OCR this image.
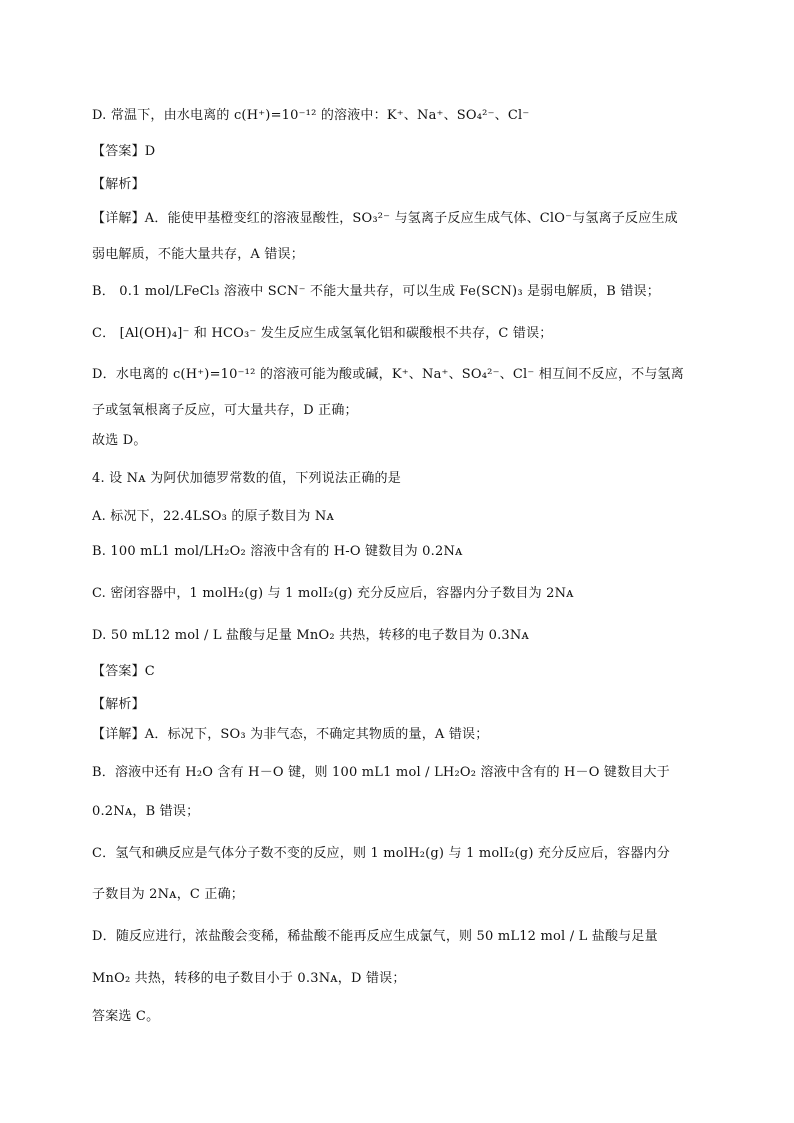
D. 常温下，由水电离的 c(H⁺)=10⁻¹² 的溶液中：K⁺、Na⁺、SO₄²⁻、Cl⁻
【答案】D
【解析】
【详解】A．能使甲基橙变红的溶液显酸性，SO₃²⁻ 与氢离子反应生成气体、ClO⁻与氢离子反应生成
弱电解质，不能大量共存，A 错误；
B． 0.1 mol/LFeCl₃ 溶液中 SCN⁻ 不能大量共存，可以生成 Fe(SCN)₃ 是弱电解质，B 错误；
C． [Al(OH)₄]⁻ 和 HCO₃⁻ 发生反应生成氢氧化铝和碳酸根不共存，C 错误；
D．水电离的 c(H⁺)=10⁻¹² 的溶液可能为酸或碱，K⁺、Na⁺、SO₄²⁻、Cl⁻ 相互间不反应，不与氢离
子或氢氧根离子反应，可大量共存，D 正确；
故选 D。
4. 设 Nᴀ 为阿伏加德罗常数的值，下列说法正确的是
A. 标况下，22.4LSO₃ 的原子数目为 Nᴀ
B. 100 mL1 mol/LH₂O₂ 溶液中含有的 H-O 键数目为 0.2Nᴀ
C. 密闭容器中，1 molH₂(g) 与 1 molI₂(g) 充分反应后，容器内分子数目为 2Nᴀ
D. 50 mL12 mol / L 盐酸与足量 MnO₂ 共热，转移的电子数目为 0.3Nᴀ
【答案】C
【解析】
【详解】A．标况下，SO₃ 为非气态，不确定其物质的量，A 错误；
B．溶液中还有 H₂O 含有 H－O 键，则 100 mL1 mol / LH₂O₂ 溶液中含有的 H－O 键数目大于
0.2Nᴀ，B 错误；
C．氢气和碘反应是气体分子数不变的反应，则 1 molH₂(g) 与 1 molI₂(g) 充分反应后，容器内分
子数目为 2Nᴀ，C 正确；
D．随反应进行，浓盐酸会变稀，稀盐酸不能再反应生成氯气，则 50 mL12 mol / L 盐酸与足量
MnO₂ 共热，转移的电子数目小于 0.3Nᴀ，D 错误；
答案选 C。
